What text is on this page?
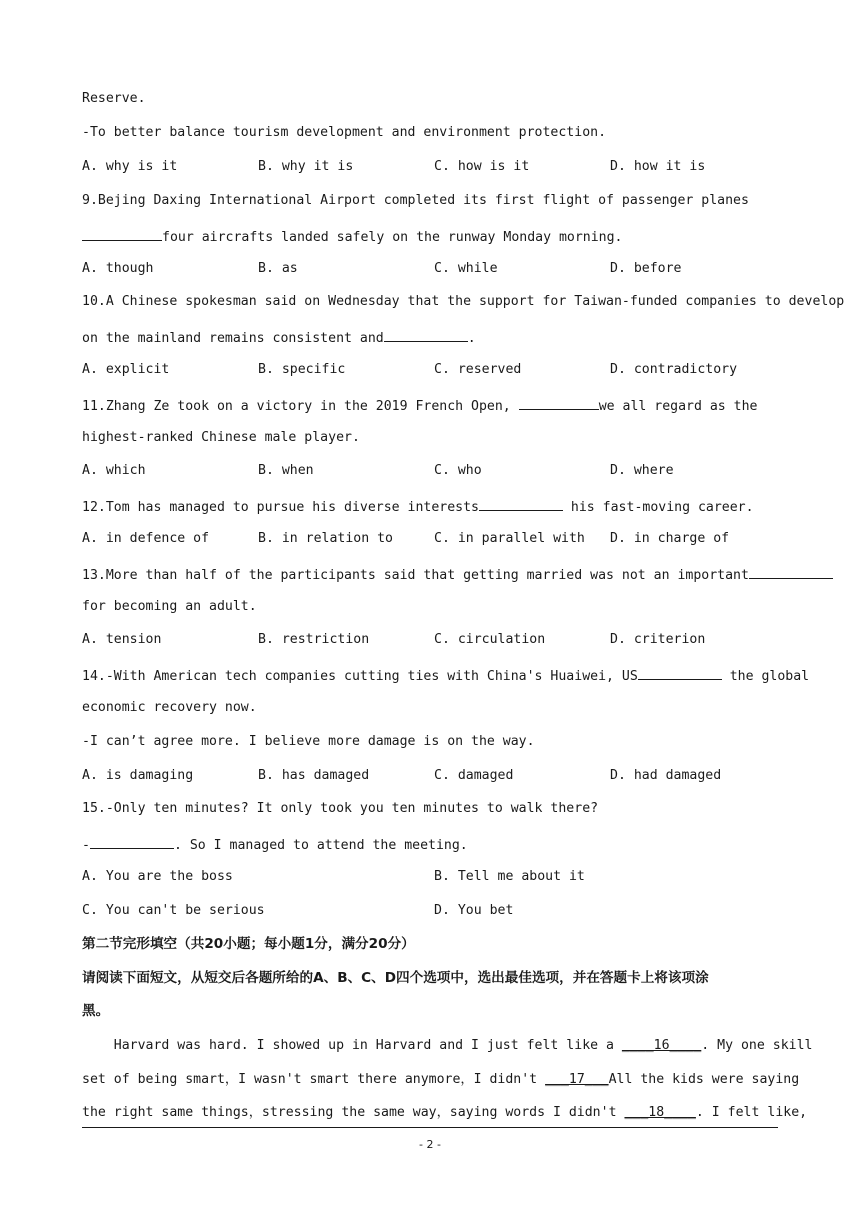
Reserve.
-To better balance tourism development and environment protection.
A. why is it	B. why it is	C. how is it	D. how it is
9.Bejing Daxing International Airport completed its first flight of passenger planes
four aircrafts landed safely on the runway Monday morning.
A. though	B. as	C. while	D. before
10.A Chinese spokesman said on Wednesday that the support for Taiwan-funded companies to develop
on the mainland remains consistent and	.
A. explicit	B. specific	C. reserved	D. contradictory
11.Zhang Ze took on a victory in the 2019 French Open,	we all regard as the
highest-ranked Chinese male player.
A. which	B. when	C. who	D. where
12.Tom has managed to pursue his diverse interests	his fast-moving career.
A. in defence of	B. in relation to	C. in parallel with D. in charge of
13.More than half of the participants said that getting married was not an important
for becoming an adult.
A. tension	B. restriction	C. circulation	D. criterion
14.-With American tech companies cutting ties with China's Huaiwei, US	the global
economic recovery now.
-I can’t agree more. I believe more damage is on the way.
A. is damaging	B. has damaged	C. damaged	D. had damaged
15.-Only ten minutes? It only took you ten minutes to walk there?
-	. So I managed to attend the meeting.
A. You are the boss	B. Tell me about it
C. You can't be serious	D. You bet
第二节完形填空（共20小题；每小题1分，满分20分）
请阅读下面短文，从短交后各题所给的A、B、C、D四个选项中，选出最佳选项，并在答题卡上将该项涂
黑。
Harvard was hard. I showed up in Harvard and I just felt like a ____16____. My one skill
set of being smart，I wasn't smart there anymore，I didn't ___17___All the kids were saying
the right same things，stressing the same way，saying words I didn't ___18____. I felt like,
- 2 -
